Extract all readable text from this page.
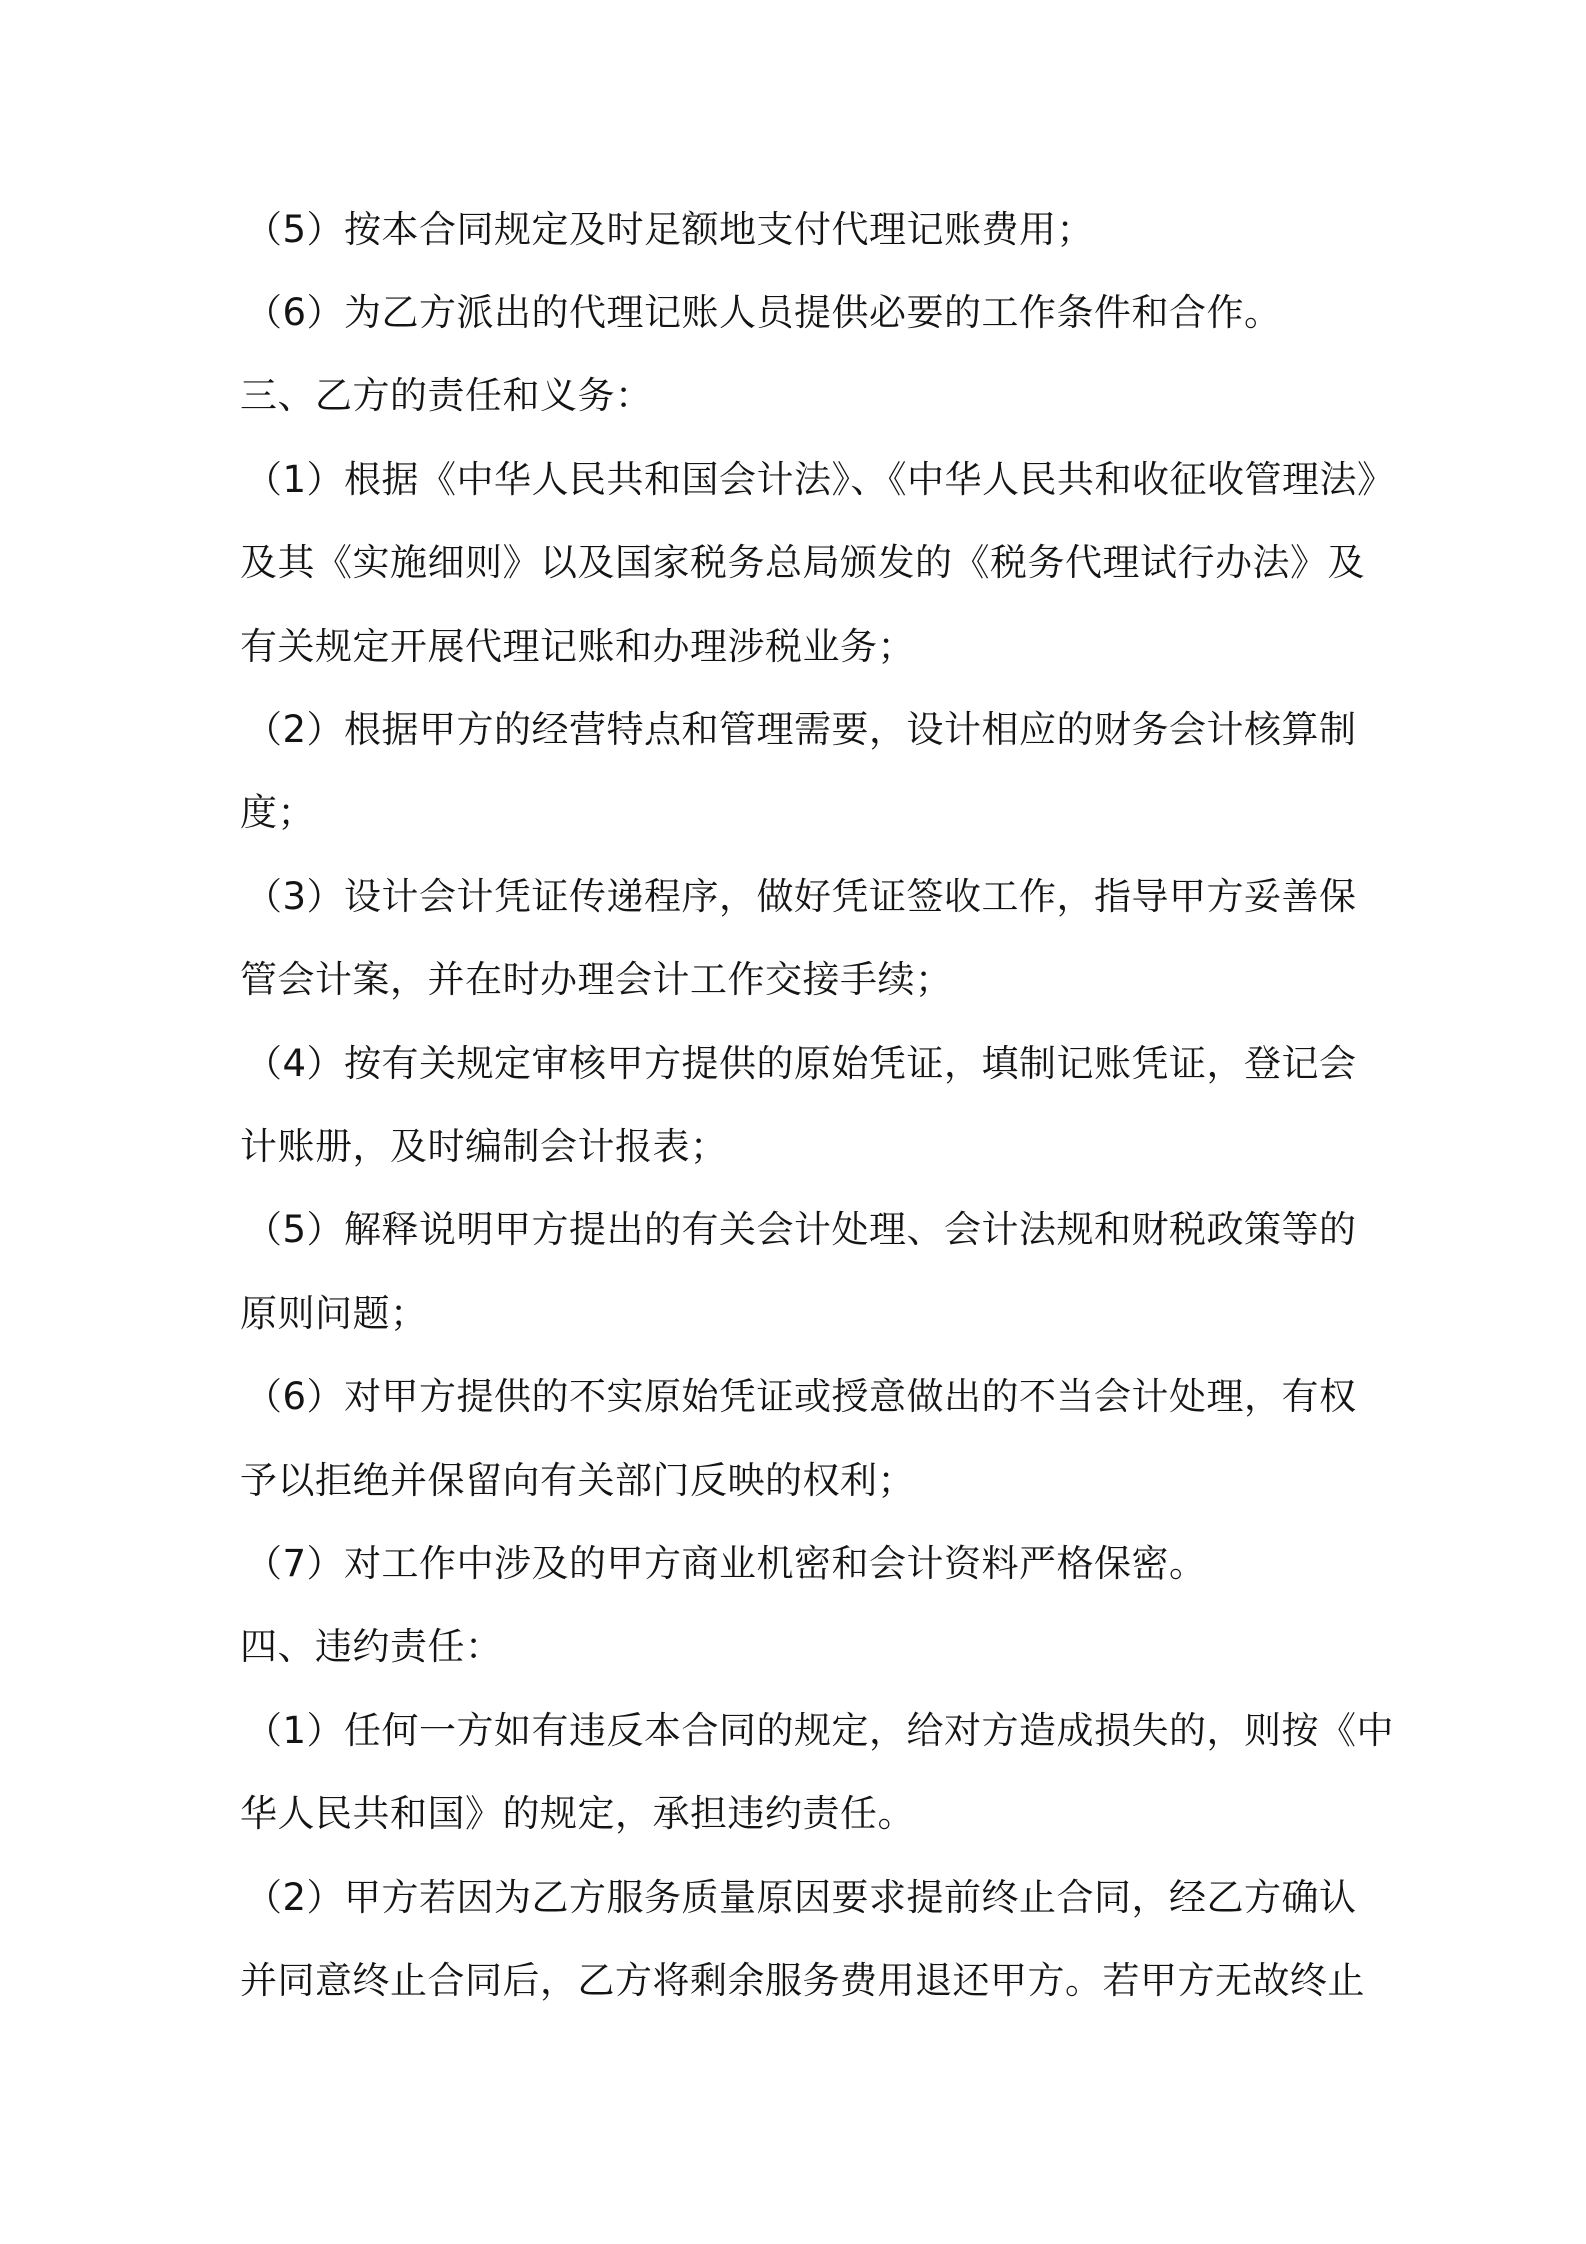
（5）按本合同规定及时足额地支付代理记账费用；
（6）为乙方派出的代理记账人员提供必要的工作条件和合作。
三、乙方的责任和义务：
（1）根据《中华人民共和国会计法》、《中华人民共和收征收管理法》
及其《实施细则》以及国家税务总局颁发的《税务代理试行办法》及
有关规定开展代理记账和办理涉税业务；
（2）根据甲方的经营特点和管理需要，设计相应的财务会计核算制
度；
（3）设计会计凭证传递程序，做好凭证签收工作，指导甲方妥善保
管会计案，并在时办理会计工作交接手续；
（4）按有关规定审核甲方提供的原始凭证，填制记账凭证，登记会
计账册，及时编制会计报表；
（5）解释说明甲方提出的有关会计处理、会计法规和财税政策等的
原则问题；
（6）对甲方提供的不实原始凭证或授意做出的不当会计处理，有权
予以拒绝并保留向有关部门反映的权利；
（7）对工作中涉及的甲方商业机密和会计资料严格保密。
四、违约责任：
（1）任何一方如有违反本合同的规定，给对方造成损失的，则按《中
华人民共和国》的规定，承担违约责任。
（2）甲方若因为乙方服务质量原因要求提前终止合同，经乙方确认
并同意终止合同后，乙方将剩余服务费用退还甲方。若甲方无故终止
